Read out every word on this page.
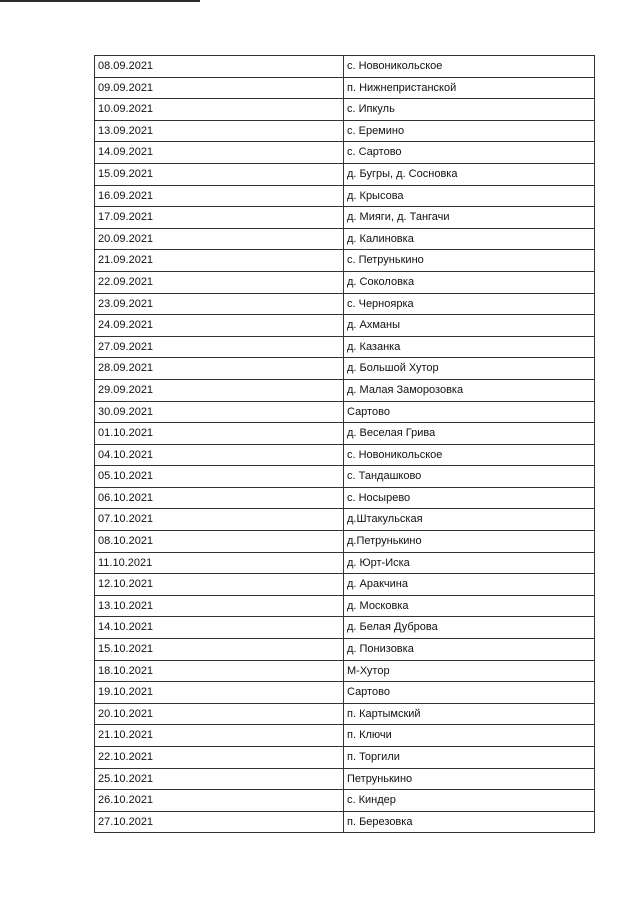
08.09.2021	с. Новоникольское
09.09.2021	п. Нижнепристанской
10.09.2021	с. Ипкуль
13.09.2021	с. Еремино
14.09.2021	с. Сартово
15.09.2021	д. Бугры, д. Сосновка
16.09.2021	д. Крысова
17.09.2021	д. Мияги, д. Тангачи
20.09.2021	д. Калиновка
21.09.2021	с. Петрунькино
22.09.2021	д. Соколовка
23.09.2021	с. Черноярка
24.09.2021	д. Ахманы
27.09.2021	д. Казанка
28.09.2021	д. Большой Хутор
29.09.2021	д. Малая Заморозовка
30.09.2021	Сартово
01.10.2021	д. Веселая Грива
04.10.2021	с. Новоникольское
05.10.2021	с. Тандашково
06.10.2021	с. Носырево
07.10.2021	д.Штакульская
08.10.2021	д.Петрунькино
11.10.2021	д. Юрт-Иска
12.10.2021	д. Аракчина
13.10.2021	д. Московка
14.10.2021	д. Белая Дуброва
15.10.2021	д. Понизовка
18.10.2021	М-Хутор
19.10.2021	Сартово
20.10.2021	п. Картымский
21.10.2021	п. Ключи
22.10.2021	п. Торгили
25.10.2021	Петрунькино
26.10.2021	с. Киндер
27.10.2021	п. Березовка
